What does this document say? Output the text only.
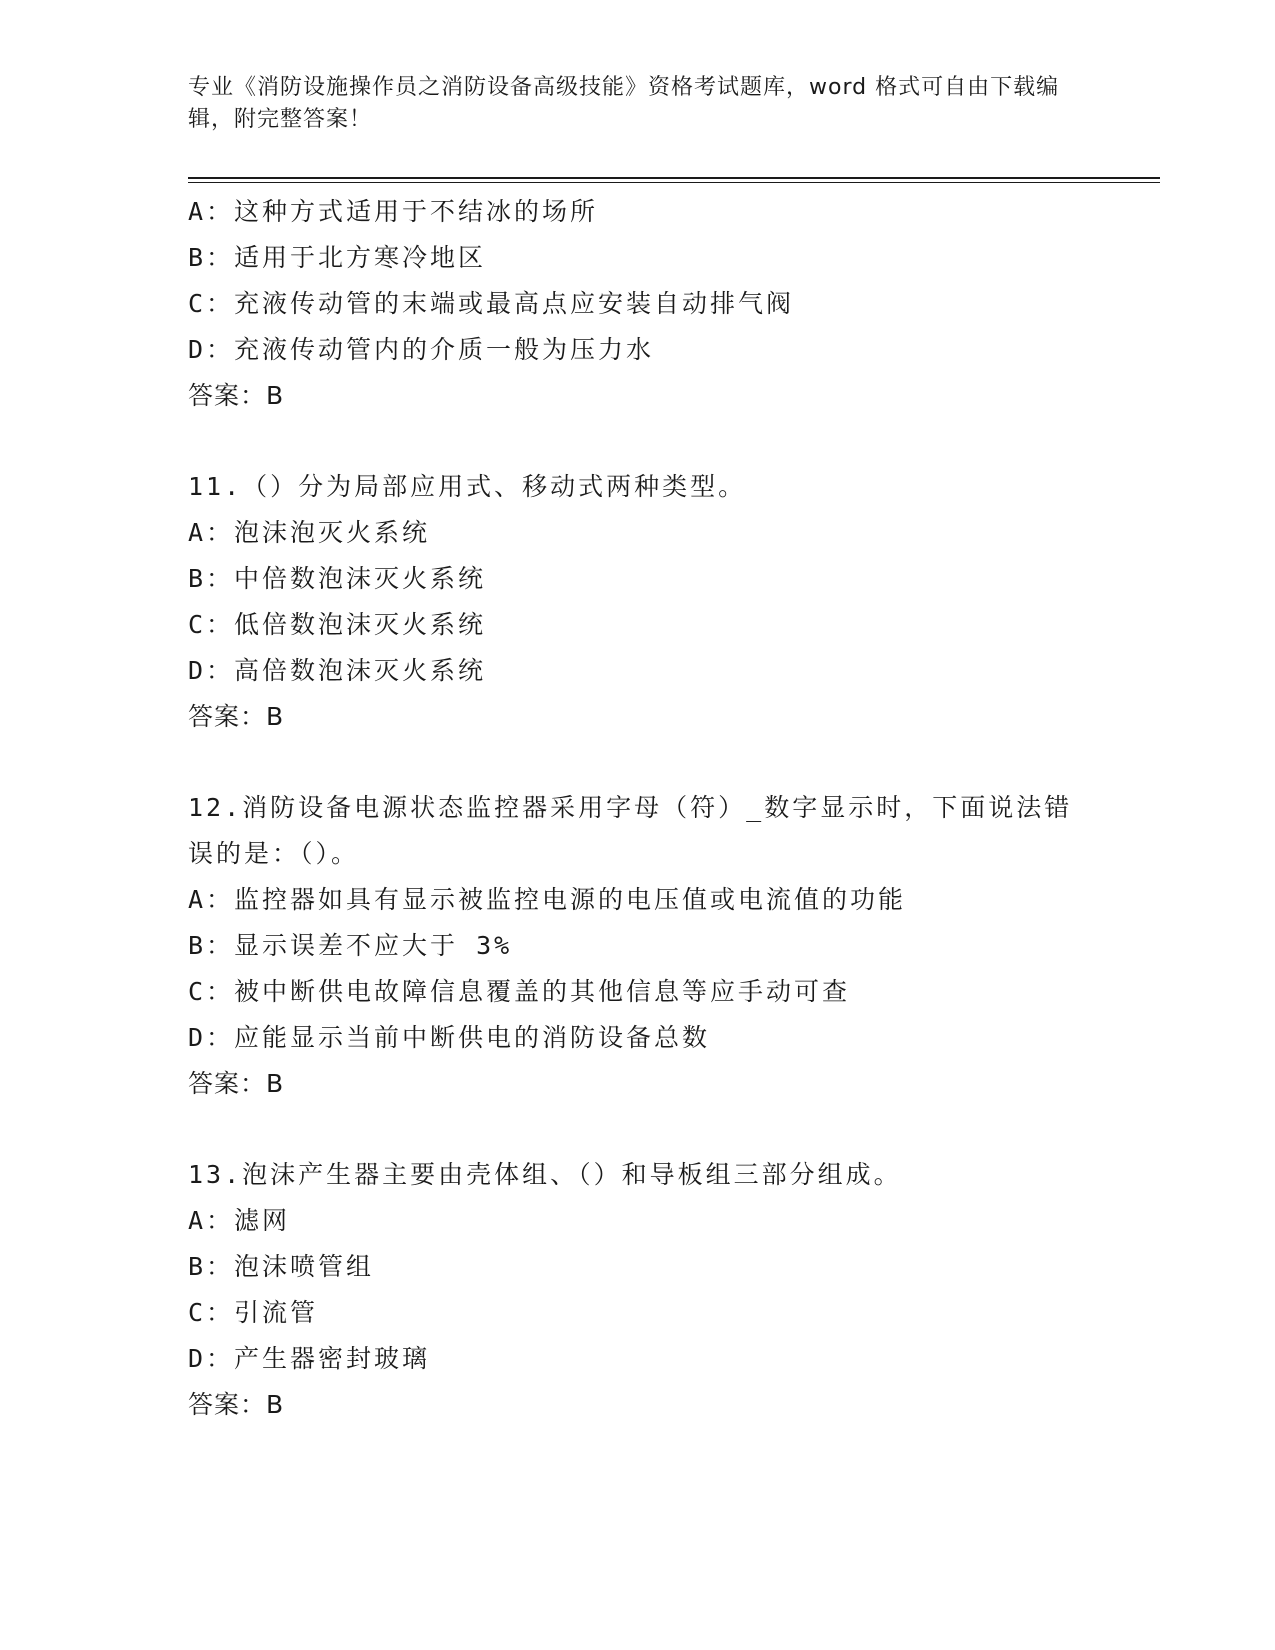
专业《消防设施操作员之消防设备高级技能》资格考试题库，word 格式可自由下载编辑，附完整答案！
A：这种方式适用于不结冰的场所
B：适用于北方寒冷地区
C：充液传动管的末端或最高点应安装自动排气阀
D：充液传动管内的介质一般为压力水
答案：B
11.（）分为局部应用式、移动式两种类型。
A：泡沫泡灭火系统
B：中倍数泡沫灭火系统
C：低倍数泡沫灭火系统
D：高倍数泡沫灭火系统
答案：B
12.消防设备电源状态监控器采用字母（符）_数字显示时，下面说法错误的是：（）。
A：监控器如具有显示被监控电源的电压值或电流值的功能
B：显示误差不应大于 3%
C：被中断供电故障信息覆盖的其他信息等应手动可查
D：应能显示当前中断供电的消防设备总数
答案：B
13.泡沫产生器主要由壳体组、（）和导板组三部分组成。
A：滤网
B：泡沫喷管组
C：引流管
D：产生器密封玻璃
答案：B
